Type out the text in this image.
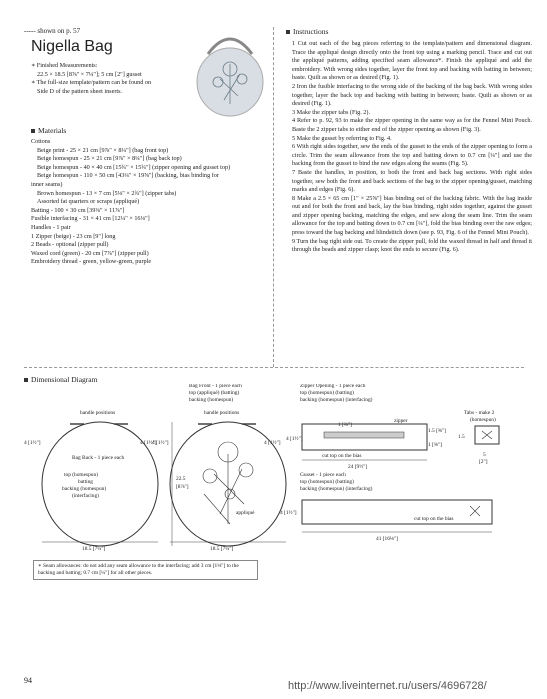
----- shown on p. 57
Nigella Bag
∗ Finished Measurements:
22.5 × 18.5 [8⅞" × 7¼"]; 5 cm [2"] gusset
∗ The full-size template/pattern can be found on
Side D of the pattern sheet inserts.
Materials
Cottons
Beige print - 25 × 21 cm [9⅞" × 8¼"] (bag front top)
Beige homespun - 25 × 21 cm [9⅞" × 8¼"] (bag back top)
Beige homespun - 40 × 40 cm [15¾" × 15¾"] (zipper opening and gusset top)
Beige homespun - 110 × 50 cm [43¼" × 19⅝"] (backing, bias binding for
inner seams)
Brown homespun - 13 × 7 cm [5⅛" × 2¾"] (zipper tabs)
Assorted fat quarters or scraps (appliqué)
Batting - 100 × 30 cm [39⅜" × 11⅞"]
Fusible interfacing - 31 × 41 cm [12¼" × 16⅛"]
Handles - 1 pair
1 Zipper (beige) - 23 cm [9"] long
2 Beads - optional (zipper pull)
Waxed cord (green) - 20 cm [7⅞"] (zipper pull)
Embroidery thread - green, yellow-green, purple
Instructions
1 Cut out each of the bag pieces referring to the template/pattern and dimensional diagram. Trace the appliqué design directly onto the front top using a marking pencil. Trace and cut out the appliqué patterns, adding specified seam allowance*. Finish the appliqué and add the embroidery. With wrong sides together, layer the front top and backing with batting in between; baste. Quilt as shown or as desired (Fig. 1).
2 Iron the fusible interfacing to the wrong side of the backing of the bag back. With wrong sides together, layer the back top and backing with batting in between; baste. Quilt as shown or as desired (Fig. 1).
3 Make the zipper tabs (Fig. 2).
4 Refer to p. 92, 93 to make the zipper opening in the same way as for the Fennel Mini Pouch. Baste the 2 zipper tabs to either end of the zipper opening as shown (Fig. 3).
5 Make the gusset by referring to Fig. 4.
6 With right sides together, sew the ends of the gusset to the ends of the zipper opening to form a circle. Trim the seam allowance from the top and batting down to 0.7 cm [¼"] and use the backing from the gusset to bind the raw edges along the seams (Fig. 5).
7 Baste the handles, in position, to both the front and back bag sections. With right sides together, sew both the front and back sections of the bag to the zipper opening/gusset, matching marks and edges (Fig. 6).
8 Make a 2.5 × 65 cm [1" × 25⅝"] bias binding out of the backing fabric. With the bag inside out and for both the front and back, lay the bias binding, right sides together, against the gusset and zipper opening backing, matching the edges, and sew along the seam line. Trim the seam allowance for the top and batting down to 0.7 cm [¼"], fold the bias binding over the raw edges; press toward the bag backing and blindstitch down (see p. 93, Fig. 6 of the Fennel Mini Pouch).
9 Turn the bag right side out. To create the zipper pull, fold the waxed thread in half and thread it through the beads and zipper clasp; knot the ends to secure (Fig. 6).
Dimensional Diagram
handle positions
Bag Back - 1 piece each
top (homespun)
batting
backing (homespun)
(interfacing)
4 [1½"]	4 [1½"]
22.5
[8⅞"]
18.5 [7¼"]
Bag Front - 1 piece each
top (appliqué) (batting)
backing (homespun)
handle positions
appliqué
4 [1½"]	4 [1½"]
18.5 [7¼"]
Zipper Opening - 1 piece each
top (homespun) (batting)
backing (homespun) (interfacing)
zipper
1 [⅜"]
1.5 [⅝"]
1 [⅜"]
4 [1½"]
cut top on the bias
24 [9½"]
Tabs - make 2
(homespun)
1.5
5
[2"]
Gusset - 1 piece each
top (homespun) (batting)
backing (homespun) (interfacing)
cut top on the bias
4 [1½"]
41 [16⅛"]
∗ Seam allowances: do not add any seam allowance to the interfacing; add 3 cm [1⅛"] to the backing and batting; 0.7 cm [¼"] for all other pieces.
94	http://www.liveinternet.ru/users/4696728/
